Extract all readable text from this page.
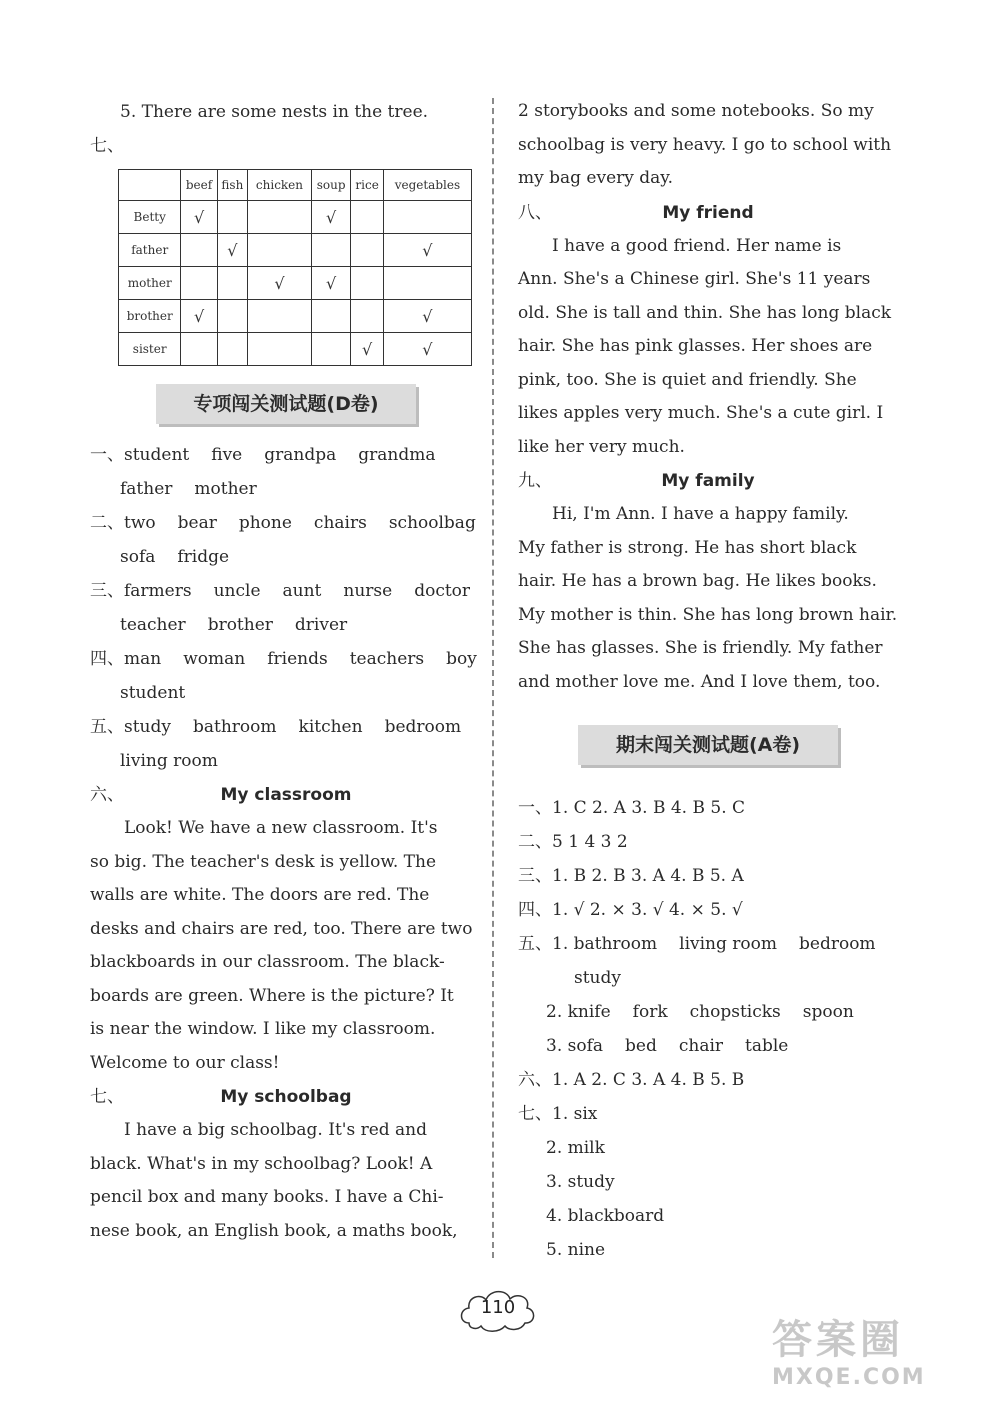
5. There are some nests in the tree.
七、
	beef	fish	chicken	soup	rice	vegetables
Betty	√			√		
father		√				√
mother			√	√		
brother	√					√
sister					√	√
专项闯关测试题(D卷)
一、student five grandpa grandma
father mother
二、two bear phone chairs schoolbag
sofa fridge
三、farmers uncle aunt nurse doctor
teacher brother driver
四、man woman friends teachers boy
student
五、study bathroom kitchen bedroom
living room
六、	My classroom
Look! We have a new classroom. It's
so big. The teacher's desk is yellow. The
walls are white. The doors are red. The
desks and chairs are red, too. There are two
blackboards in our classroom. The black-
boards are green. Where is the picture? It
is near the window. I like my classroom.
Welcome to our class!
七、	My schoolbag
I have a big schoolbag. It's red and
black. What's in my schoolbag? Look! A
pencil box and many books. I have a Chi-
nese book, an English book, a maths book,
2 storybooks and some notebooks. So my
schoolbag is very heavy. I go to school with
my bag every day.
八、	My friend
I have a good friend. Her name is
Ann. She's a Chinese girl. She's 11 years
old. She is tall and thin. She has long black
hair. She has pink glasses. Her shoes are
pink, too. She is quiet and friendly. She
likes apples very much. She's a cute girl. I
like her very much.
九、	My family
Hi, I'm Ann. I have a happy family.
My father is strong. He has short black
hair. He has a brown bag. He likes books.
My mother is thin. She has long brown hair.
She has glasses. She is friendly. My father
and mother love me. And I love them, too.
期末闯关测试题(A卷)
一、1. C 2. A 3. B 4. B 5. C
二、5 1 4 3 2
三、1. B 2. B 3. A 4. B 5. A
四、1. √ 2. × 3. √ 4. × 5. √
五、1. bathroom living room bedroom
study
2. knife fork chopsticks spoon
3. sofa bed chair table
六、1. A 2. C 3. A 4. B 5. B
七、1. six
2. milk
3. study
4. blackboard
5. nine
110
答案圈
MXQE.COM
